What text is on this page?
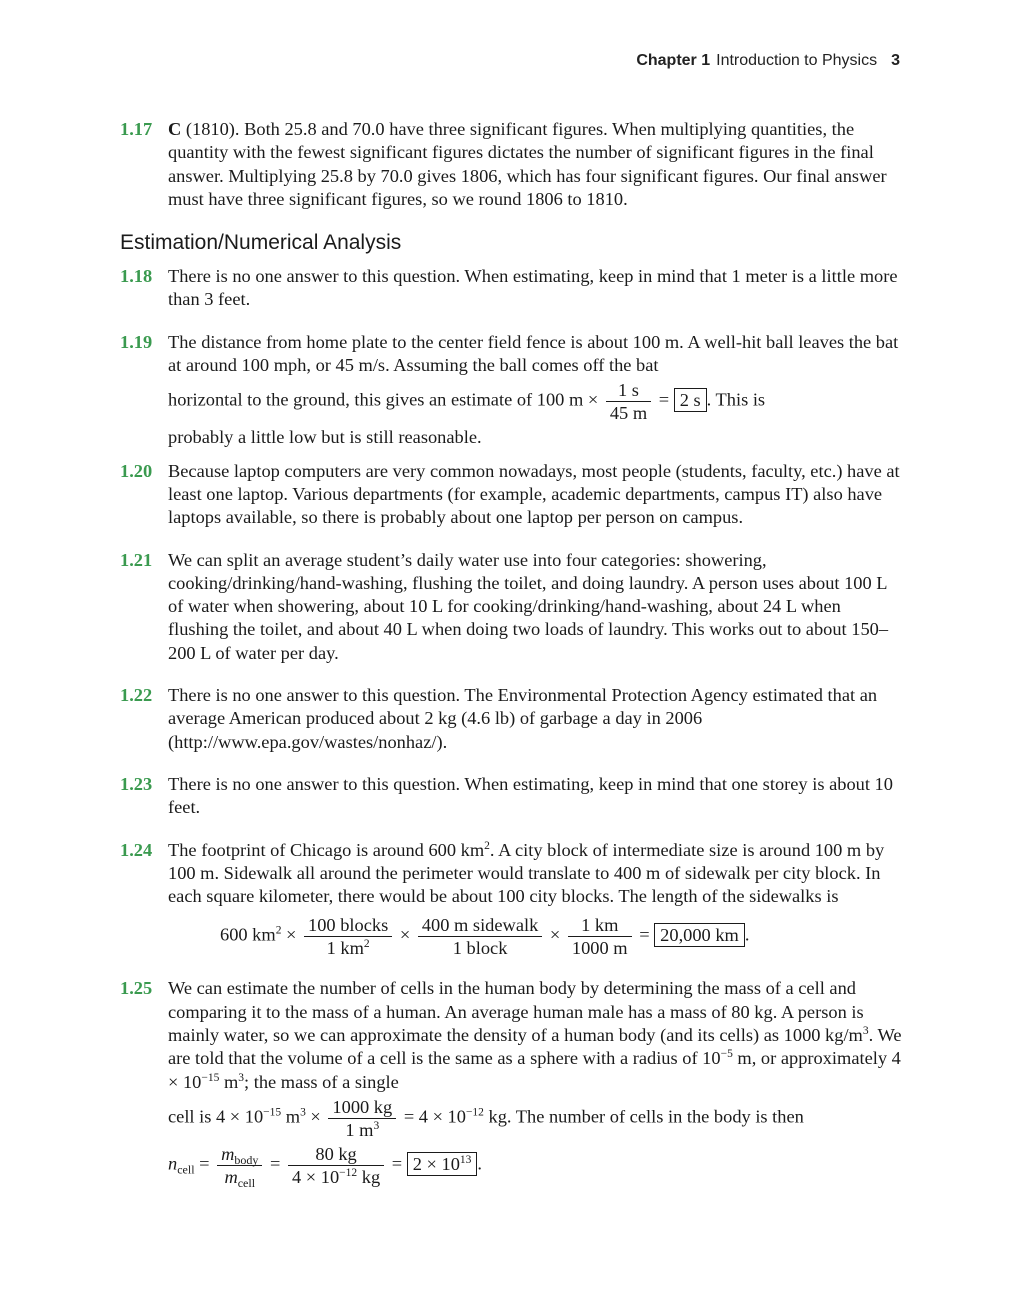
Chapter 1 Introduction to Physics 3
1.17 C (1810). Both 25.8 and 70.0 have three significant figures. When multiplying quantities, the quantity with the fewest significant figures dictates the number of significant figures in the final answer. Multiplying 25.8 by 70.0 gives 1806, which has four significant figures. Our final answer must have three significant figures, so we round 1806 to 1810.
Estimation/Numerical Analysis
1.18 There is no one answer to this question. When estimating, keep in mind that 1 meter is a little more than 3 feet.
1.19 The distance from home plate to the center field fence is about 100 m. A well-hit ball leaves the bat at around 100 mph, or 45 m/s. Assuming the ball comes off the bat
horizontal to the ground, this gives an estimate of 100 $m \times \frac{1 s}{45 m} = 2$ s . This is
probably a little low but is still reasonable.
1.20 Because laptop computers are very common nowadays, most people (students, faculty, etc.) have at least one laptop. Various departments (for example, academic departments, campus IT) also have laptops available, so there is probably about one laptop per person on campus.
1.21 We can split an average student’s daily water use into four categories: showering, cooking/drinking/hand-washing, flushing the toilet, and doing laundry. A person uses about 100 L of water when showering, about 10 L for cooking/drinking/hand-washing, about 24 L when flushing the toilet, and about 40 L when doing two loads of laundry. This works out to about 150–200 L of water per day.
1.22 There is no one answer to this question. The Environmental Protection Agency estimated that an average American produced about 2 kg (4.6 lb) of garbage a day in 2006 (http://www.epa.gov/wastes/nonhaz/).
1.23 There is no one answer to this question. When estimating, keep in mind that one storey is about 10 feet.
1.24 The footprint of Chicago is around 600 $km^2$. A city block of intermediate size is around 100 m by 100 m. Sidewalk all around the perimeter would translate to 400 m of sidewalk per city block. In each square kilometer, there would be about 100 city blocks. The length of the sidewalks is
600 $km^2 \times \frac{\text{100 blocks}}{1 km^2} \times \frac{\text{400 m sidewalk}}{\text{1 block}} \times \frac{1 km}{1000 m} = 20,000$ km .
1.25 We can estimate the number of cells in the human body by determining the mass of a cell and comparing it to the mass of a human. An average human male has a mass of 80 kg. A person is mainly water, so we can approximate the density of a human body (and its cells) as 1000 $kg/m^3$. We are told that the volume of a cell is the same as a sphere with a radius of $10^{-5}$ m, or approximately $4 \times 10^{-15}$ $m^3$; the mass of a single
cell is $4 \times 10^{-15}$ $m^3 \times \frac{1000 kg}{1 m^3} = 4 \times 10^{-12}$ kg. The number of cells in the body is then
$n_{cell} = \frac{m_{body}}{m_{cell}} = \frac{80 kg}{4 \times 10^{-12} kg} = 2 \times 10^{13}$ .
